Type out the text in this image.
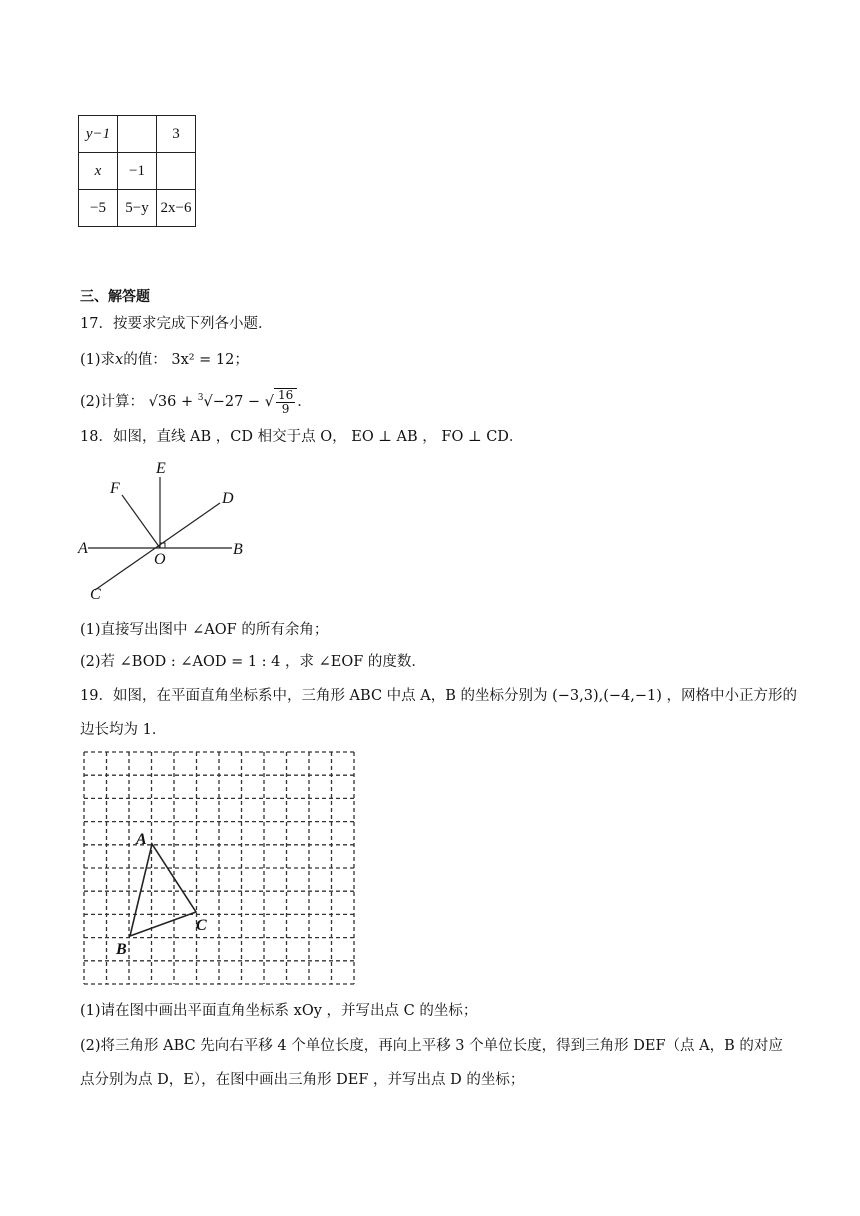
y−1		3
x	−1	
−5	5−y	2x−6
三、解答题
17．按要求完成下列各小题．
(1)求x的值： 3x² = 12；
(2)计算： √36 + $^3$√−27 − √ $\frac{16}{9}$ ．
18．如图，直线 AB ，CD 相交于点 O， EO ⊥ AB ， FO ⊥ CD．
E
F
D
A
O
B
C
(1)直接写出图中 ∠AOF 的所有余角；
(2)若 ∠BOD : ∠AOD = 1 : 4 ，求 ∠EOF 的度数．
19．如图，在平面直角坐标系中，三角形 ABC 中点 A，B 的坐标分别为 (−3,3),(−4,−1) ，网格中小正方形的
边长均为 1．
A
B
C
(1)请在图中画出平面直角坐标系 xOy ，并写出点 C 的坐标；
(2)将三角形 ABC 先向右平移 4 个单位长度，再向上平移 3 个单位长度，得到三角形 DEF（点 A，B 的对应
点分别为点 D，E），在图中画出三角形 DEF ，并写出点 D 的坐标；
